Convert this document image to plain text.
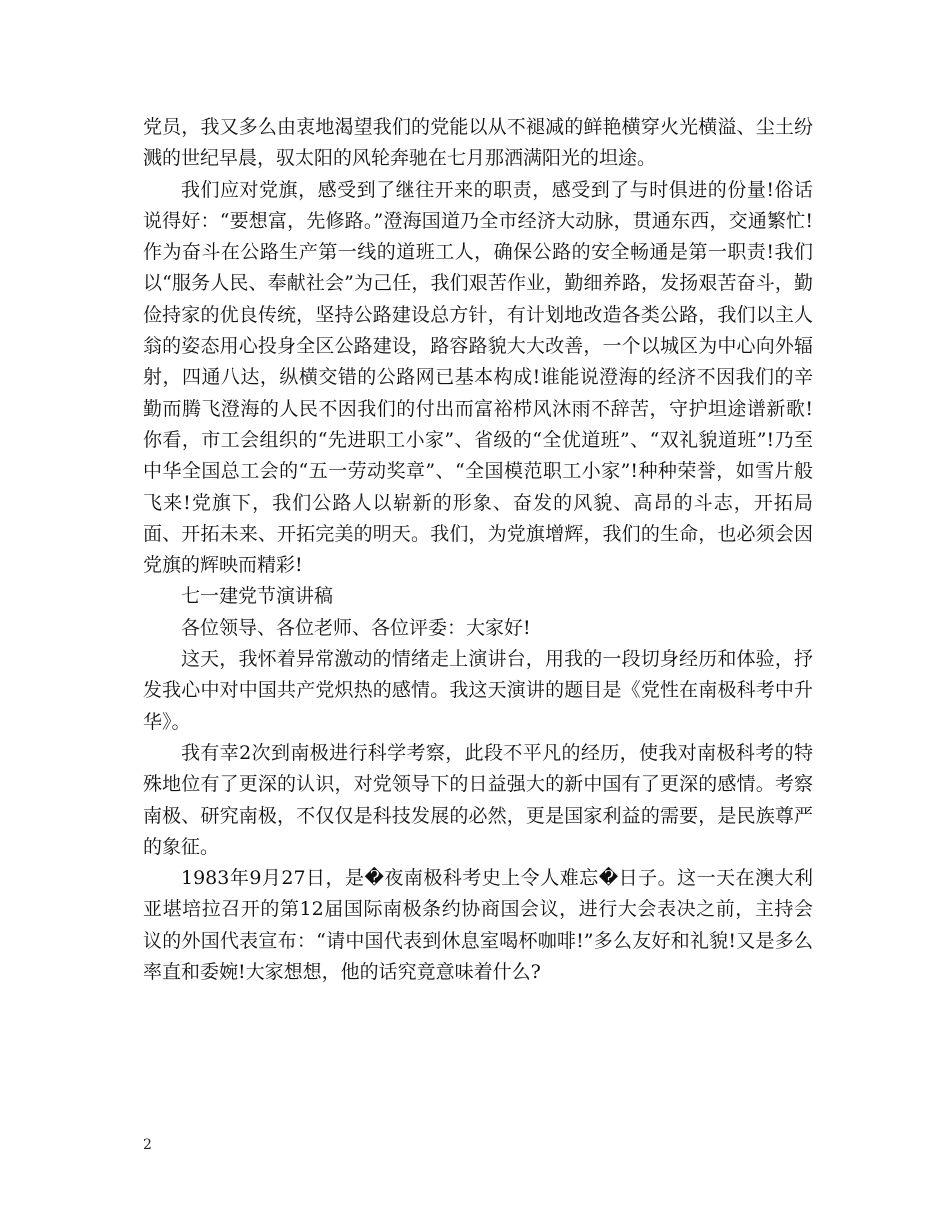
党员，我又多么由衷地渴望我们的党能以从不褪减的鲜艳横穿火光横溢、尘土纷溅的世纪早晨，驭太阳的风轮奔驰在七月那洒满阳光的坦途。

我们应对党旗，感受到了继往开来的职责，感受到了与时俱进的份量!俗话说得好：“要想富，先修路。”澄海国道乃全市经济大动脉，贯通东西，交通繁忙!作为奋斗在公路生产第一线的道班工人，确保公路的安全畅通是第一职责!我们以“服务人民、奉献社会”为己任，我们艰苦作业，勤细养路，发扬艰苦奋斗，勤俭持家的优良传统，坚持公路建设总方针，有计划地改造各类公路，我们以主人翁的姿态用心投身全区公路建设，路容路貌大大改善，一个以城区为中心向外辐射，四通八达，纵横交错的公路网已基本构成!谁能说澄海的经济不因我们的辛勤而腾飞澄海的人民不因我们的付出而富裕栉风沐雨不辞苦，守护坦途谱新歌!你看，市工会组织的“先进职工小家”、省级的“全优道班”、“双礼貌道班”!乃至中华全国总工会的“五一劳动奖章”、“全国模范职工小家”!种种荣誉，如雪片般飞来!党旗下，我们公路人以崭新的形象、奋发的风貌、高昂的斗志，开拓局面、开拓未来、开拓完美的明天。我们，为党旗增辉，我们的生命，也必须会因党旗的辉映而精彩!

七一建党节演讲稿

各位领导、各位老师、各位评委：大家好!

这天，我怀着异常激动的情绪走上演讲台，用我的一段切身经历和体验，抒发我心中对中国共产党炽热的感情。我这天演讲的题目是《党性在南极科考中升华》。

我有幸2次到南极进行科学考察，此段不平凡的经历，使我对南极科考的特殊地位有了更深的认识，对党领导下的日益强大的新中国有了更深的感情。考察南极、研究南极，不仅仅是科技发展的必然，更是国家利益的需要，是民族尊严的象征。

1983年9月27日，是�夜南极科考史上令人难忘�日子。这一天在澳大利亚堪培拉召开的第12届国际南极条约协商国会议，进行大会表决之前，主持会议的外国代表宣布：“请中国代表到休息室喝杯咖啡!”多么友好和礼貌!又是多么率直和委婉!大家想想，他的话究竟意味着什么?

2
